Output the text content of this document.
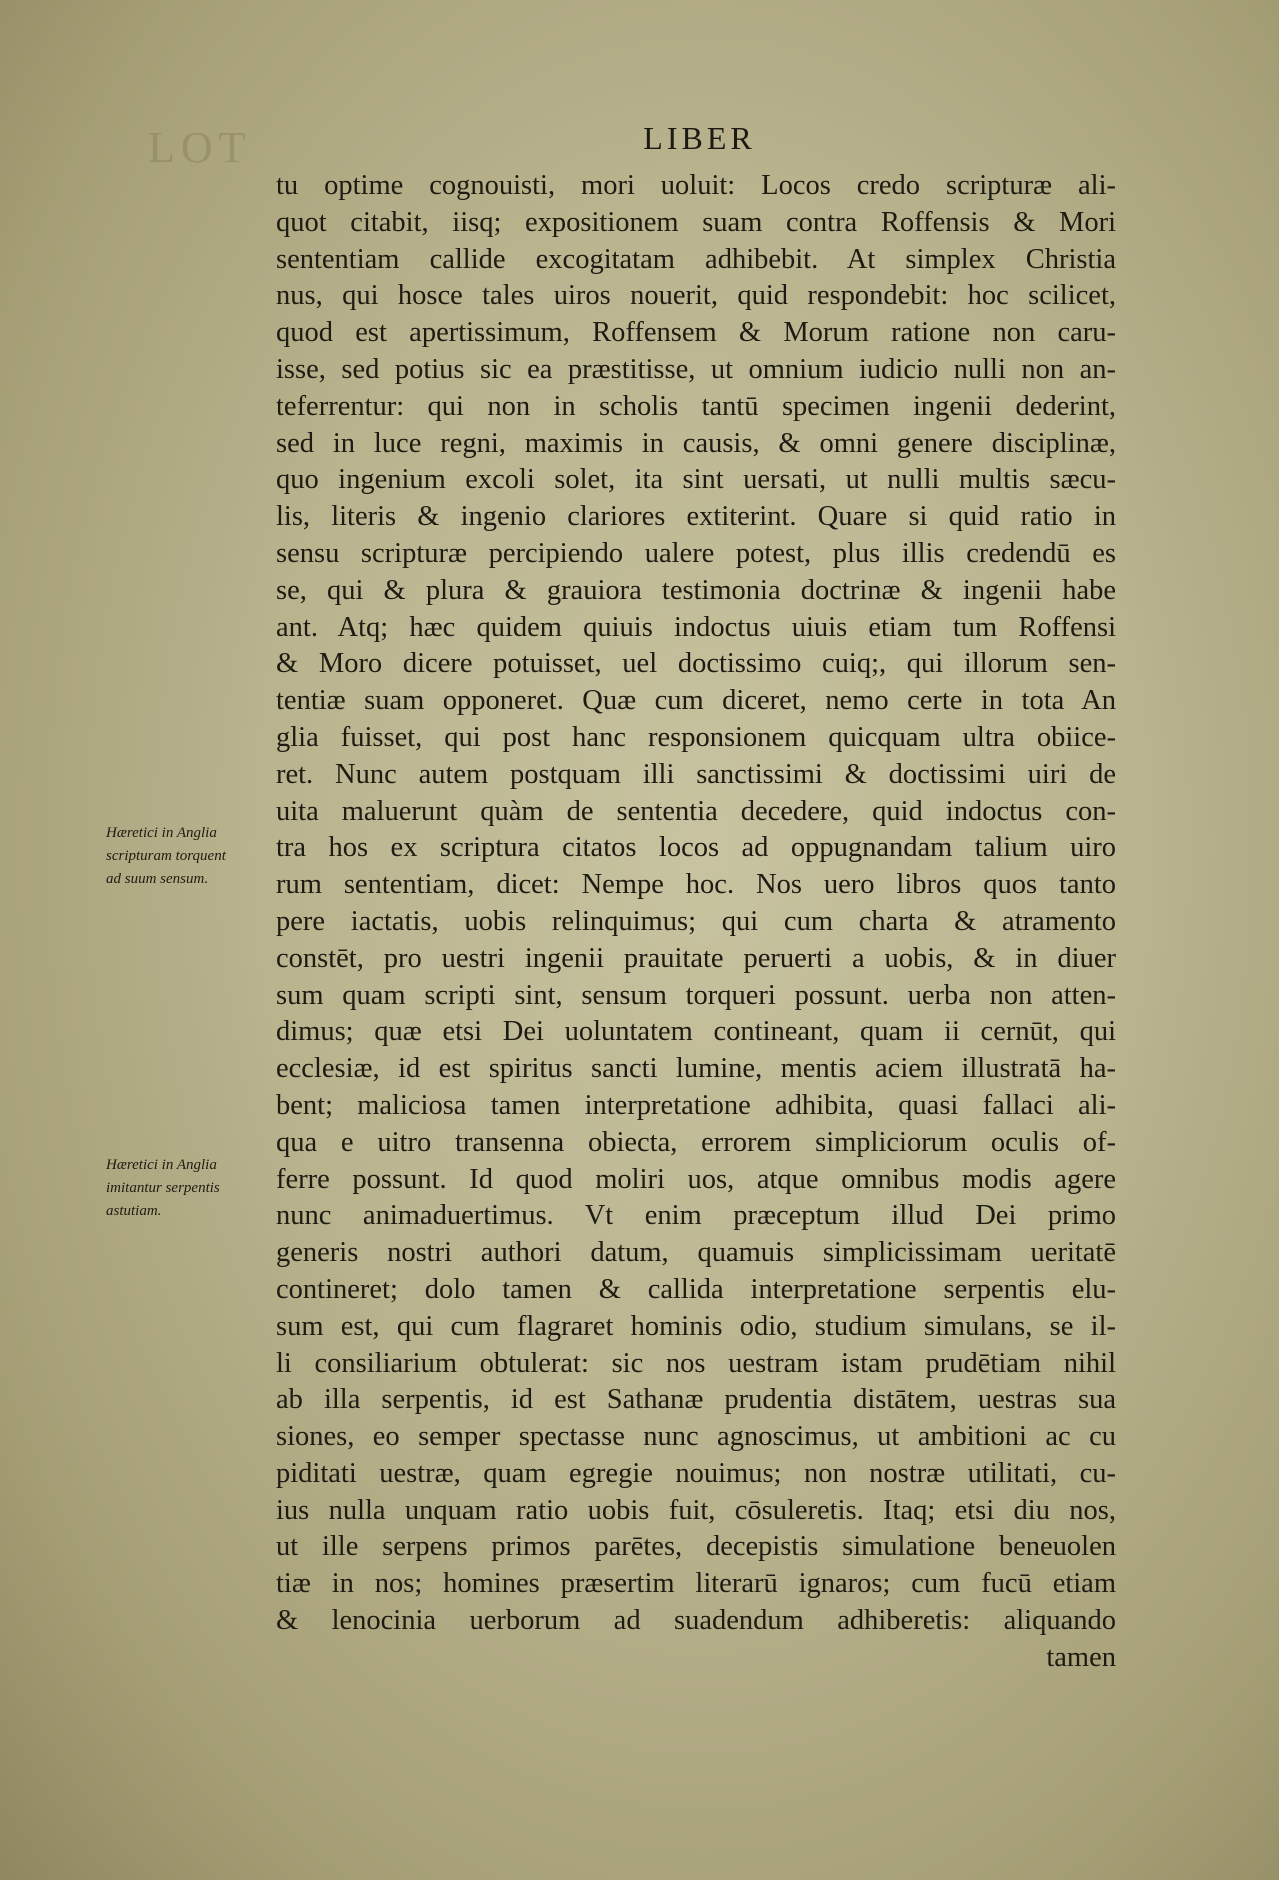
LOT	LIBER
tu optime cognouisti, mori uoluit: Locos credo scripturæ ali-
quot citabit, iisq; expositionem suam contra Roffensis & Mori
sententiam callide excogitatam adhibebit. At simplex Christia
nus, qui hosce tales uiros nouerit, quid respondebit: hoc scilicet,
quod est apertissimum, Roffensem & Morum ratione non caru-
isse, sed potius sic ea præstitisse, ut omnium iudicio nulli non an-
teferrentur: qui non in scholis tantū specimen ingenii dederint,
sed in luce regni, maximis in causis, & omni genere disciplinæ,
quo ingenium excoli solet, ita sint uersati, ut nulli multis sæcu-
lis, literis & ingenio clariores extiterint. Quare si quid ratio in
sensu scripturæ percipiendo ualere potest, plus illis credendū es
se, qui & plura & grauiora testimonia doctrinæ & ingenii habe
ant. Atq; hæc quidem quiuis indoctus uiuis etiam tum Roffensi
& Moro dicere potuisset, uel doctissimo cuiq;, qui illorum sen-
tentiæ suam opponeret. Quæ cum diceret, nemo certe in tota An
glia fuisset, qui post hanc responsionem quicquam ultra obiice-
ret. Nunc autem postquam illi sanctissimi & doctissimi uiri de
uita maluerunt quàm de sententia decedere, quid indoctus con-
tra hos ex scriptura citatos locos ad oppugnandam talium uiro
rum sententiam, dicet: Nempe hoc. Nos uero libros quos tanto
pere iactatis, uobis relinquimus; qui cum charta & atramento
constēt, pro uestri ingenii prauitate peruerti a uobis, & in diuer
sum quam scripti sint, sensum torqueri possunt. uerba non atten-
dimus; quæ etsi Dei uoluntatem contineant, quam ii cernūt, qui
ecclesiæ, id est spiritus sancti lumine, mentis aciem illustratā ha-
bent; maliciosa tamen interpretatione adhibita, quasi fallaci ali-
qua e uitro transenna obiecta, errorem simpliciorum oculis of-
ferre possunt. Id quod moliri uos, atque omnibus modis agere
nunc animaduertimus. Vt enim præceptum illud Dei primo
generis nostri authori datum, quamuis simplicissimam ueritatē
contineret; dolo tamen & callida interpretatione serpentis elu-
sum est, qui cum flagraret hominis odio, studium simulans, se il-
li consiliarium obtulerat: sic nos uestram istam prudētiam nihil
ab illa serpentis, id est Sathanæ prudentia distātem, uestras sua
siones, eo semper spectasse nunc agnoscimus, ut ambitioni ac cu
piditati uestræ, quam egregie nouimus; non nostræ utilitati, cu-
ius nulla unquam ratio uobis fuit, cōsuleretis. Itaq; etsi diu nos,
ut ille serpens primos parētes, decepistis simulatione beneuolen
tiæ in nos; homines præsertim literarū ignaros; cum fucū etiam
& lenocinia uerborum ad suadendum adhiberetis: aliquando
tamen
Hæretici in Anglia
scripturam torquent
ad suum sensum.
Hæretici in Anglia
imitantur serpentis
astutiam.
